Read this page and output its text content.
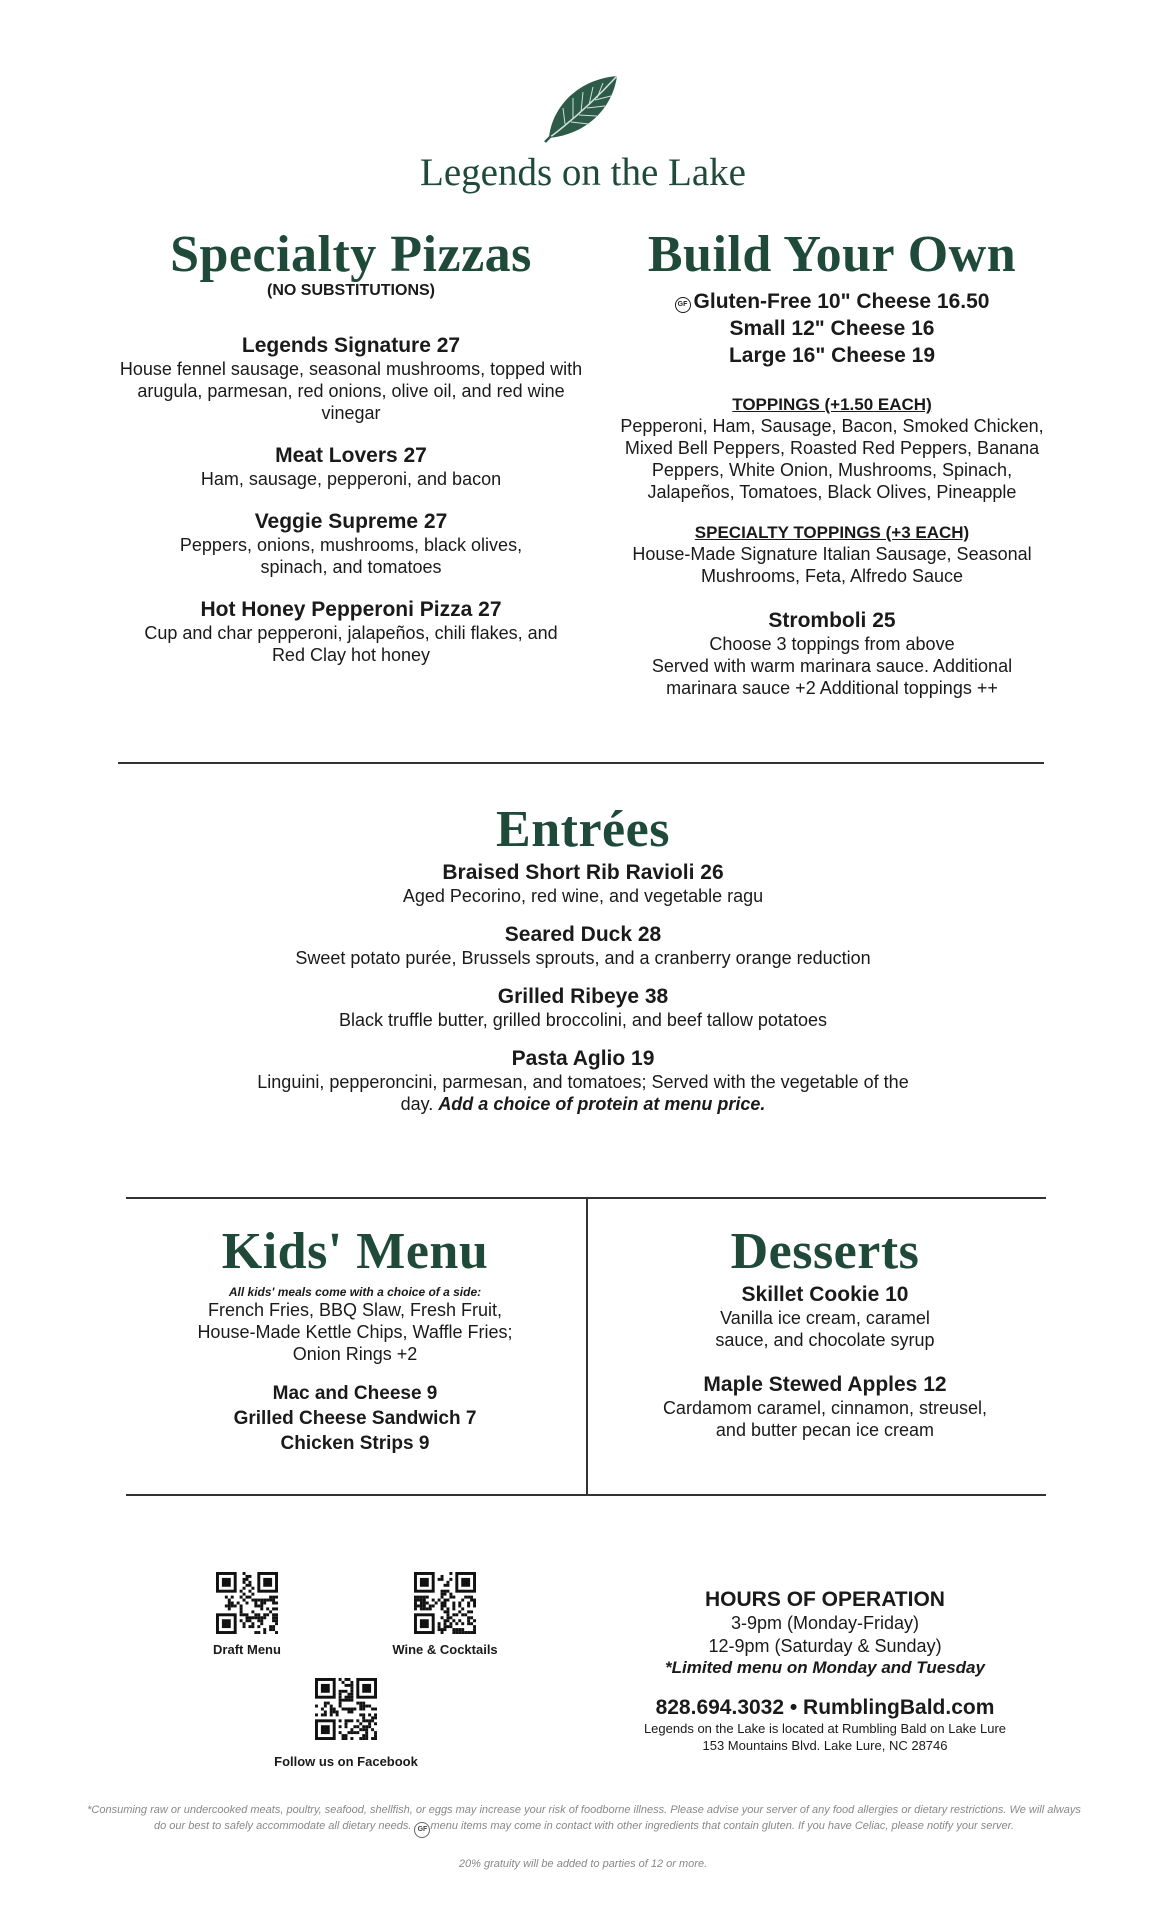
Legends on the Lake
Specialty Pizzas
(NO SUBSTITUTIONS)
Legends Signature 27
House fennel sausage, seasonal mushrooms, topped with arugula, parmesan, red onions, olive oil, and red wine vinegar
Meat Lovers 27
Ham, sausage, pepperoni, and bacon
Veggie Supreme 27
Peppers, onions, mushrooms, black olives, spinach, and tomatoes
Hot Honey Pepperoni Pizza 27
Cup and char pepperoni, jalapeños, chili flakes, and Red Clay hot honey
Build Your Own
GF Gluten-Free 10" Cheese 16.50
Small 12" Cheese 16
Large 16" Cheese 19
TOPPINGS (+1.50 EACH)
Pepperoni, Ham, Sausage, Bacon, Smoked Chicken, Mixed Bell Peppers, Roasted Red Peppers, Banana Peppers, White Onion, Mushrooms, Spinach, Jalapeños, Tomatoes, Black Olives, Pineapple
SPECIALTY TOPPINGS (+3 EACH)
House-Made Signature Italian Sausage, Seasonal Mushrooms, Feta, Alfredo Sauce
Stromboli 25
Choose 3 toppings from above
Served with warm marinara sauce. Additional marinara sauce +2 Additional toppings ++
Entrées
Braised Short Rib Ravioli 26
Aged Pecorino, red wine, and vegetable ragu
Seared Duck 28
Sweet potato purée, Brussels sprouts, and a cranberry orange reduction
Grilled Ribeye 38
Black truffle butter, grilled broccolini, and beef tallow potatoes
Pasta Aglio 19
Linguini, pepperoncini, parmesan, and tomatoes; Served with the vegetable of the day. Add a choice of protein at menu price.
Kids' Menu
All kids' meals come with a choice of a side:
French Fries, BBQ Slaw, Fresh Fruit, House-Made Kettle Chips, Waffle Fries; Onion Rings +2
Mac and Cheese 9
Grilled Cheese Sandwich 7
Chicken Strips 9
Desserts
Skillet Cookie 10
Vanilla ice cream, caramel sauce, and chocolate syrup
Maple Stewed Apples 12
Cardamom caramel, cinnamon, streusel, and butter pecan ice cream
Draft Menu	Wine & Cocktails
Follow us on Facebook
HOURS OF OPERATION
3-9pm (Monday-Friday)
12-9pm (Saturday & Sunday)
*Limited menu on Monday and Tuesday
828.694.3032 • RumblingBald.com
Legends on the Lake is located at Rumbling Bald on Lake Lure
153 Mountains Blvd. Lake Lure, NC 28746
*Consuming raw or undercooked meats, poultry, seafood, shellfish, or eggs may increase your risk of foodborne illness. Please advise your server of any food allergies or dietary restrictions. We will always do our best to safely accommodate all dietary needs. GF menu items may come in contact with other ingredients that contain gluten. If you have Celiac, please notify your server.
20% gratuity will be added to parties of 12 or more.
